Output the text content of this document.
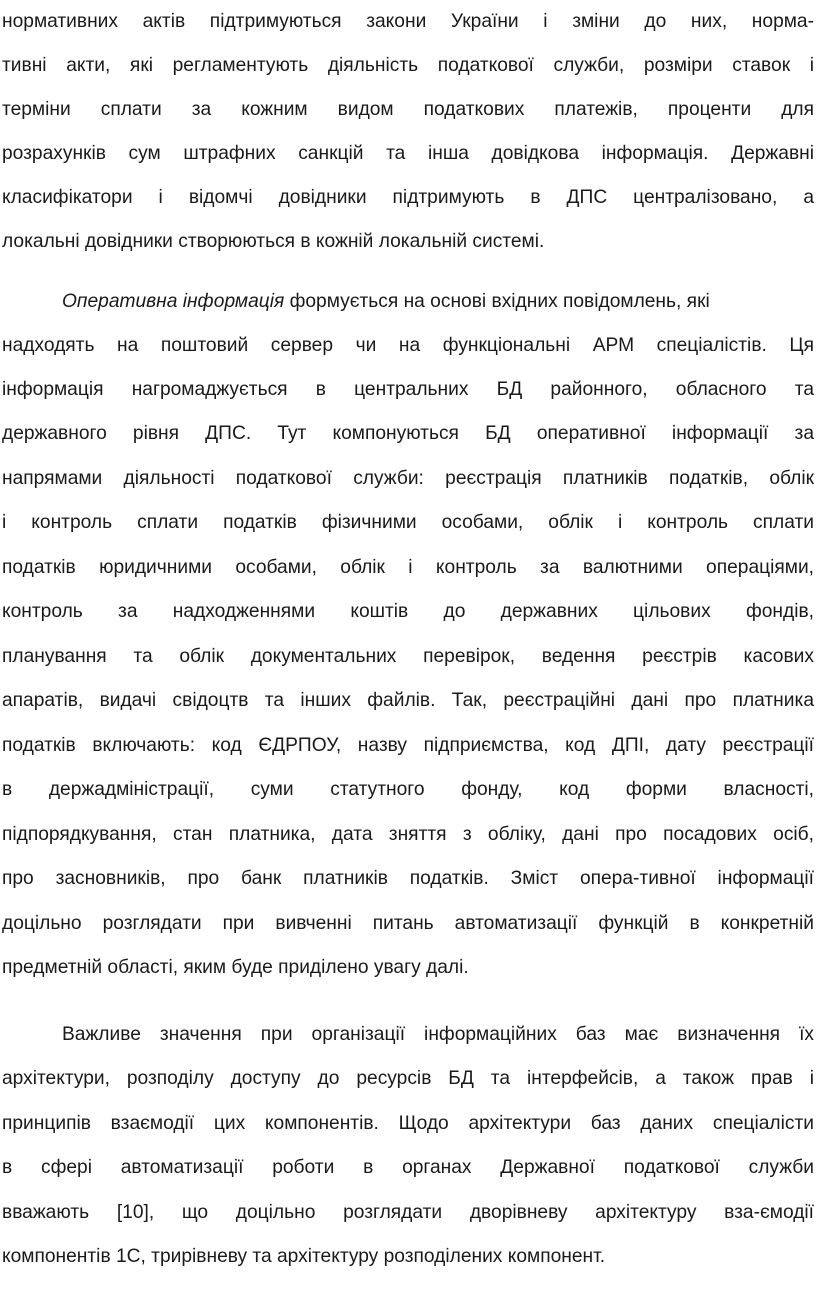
нормативних актів підтримуються закони України і зміни до них, норма-
тивні акти, які регламентують діяльність податкової служби, розміри ставок і
терміни сплати за кожним видом податкових платежів, проценти для
розрахунків сум штрафних санкцій та інша довідкова інформація. Державні
класифікатори і відомчі довідники підтримують в ДПС централізовано, а
локальні довідники створюються в кожній локальній системі.
Оперативна інформація формується на основі вхідних повідомлень, які
надходять на поштовий сервер чи на функціональні АРМ спеціалістів. Ця
інформація нагромаджується в центральних БД районного, обласного та
державного рівня ДПС. Тут компонуються БД оперативної інформації за
напрямами діяльності податкової служби: реєстрація платників податків, облік
і контроль сплати податків фізичними особами, облік і контроль сплати
податків юридичними особами, облік і контроль за валютними операціями,
контроль за надходженнями коштів до державних цільових фондів,
планування та облік документальних перевірок, ведення реєстрів касових
апаратів, видачі свідоцтв та інших файлів. Так, реєстраційні дані про платника
податків включають: код ЄДРПОУ, назву підприємства, код ДПІ, дату реєстрації
в держадміністрації, суми статутного фонду, код форми власності,
підпорядкування, стан платника, дата зняття з обліку, дані про посадових осіб,
про засновників, про банк платників податків. Зміст опера-тивної інформації
доцільно розглядати при вивченні питань автоматизації функцій в конкретній
предметній області, яким буде приділено увагу далі.
Важливе значення при організації інформаційних баз має визначення їх
архітектури, розподілу доступу до ресурсів БД та інтерфейсів, а також прав і
принципів взаємодії цих компонентів. Щодо архітектури баз даних спеціалісти
в сфері автоматизації роботи в органах Державної податкової служби
вважають [10], що доцільно розглядати дворівневу архітектуру вза-ємодії
компонентів 1С, трирівневу та архітектуру розподілених компонент.
